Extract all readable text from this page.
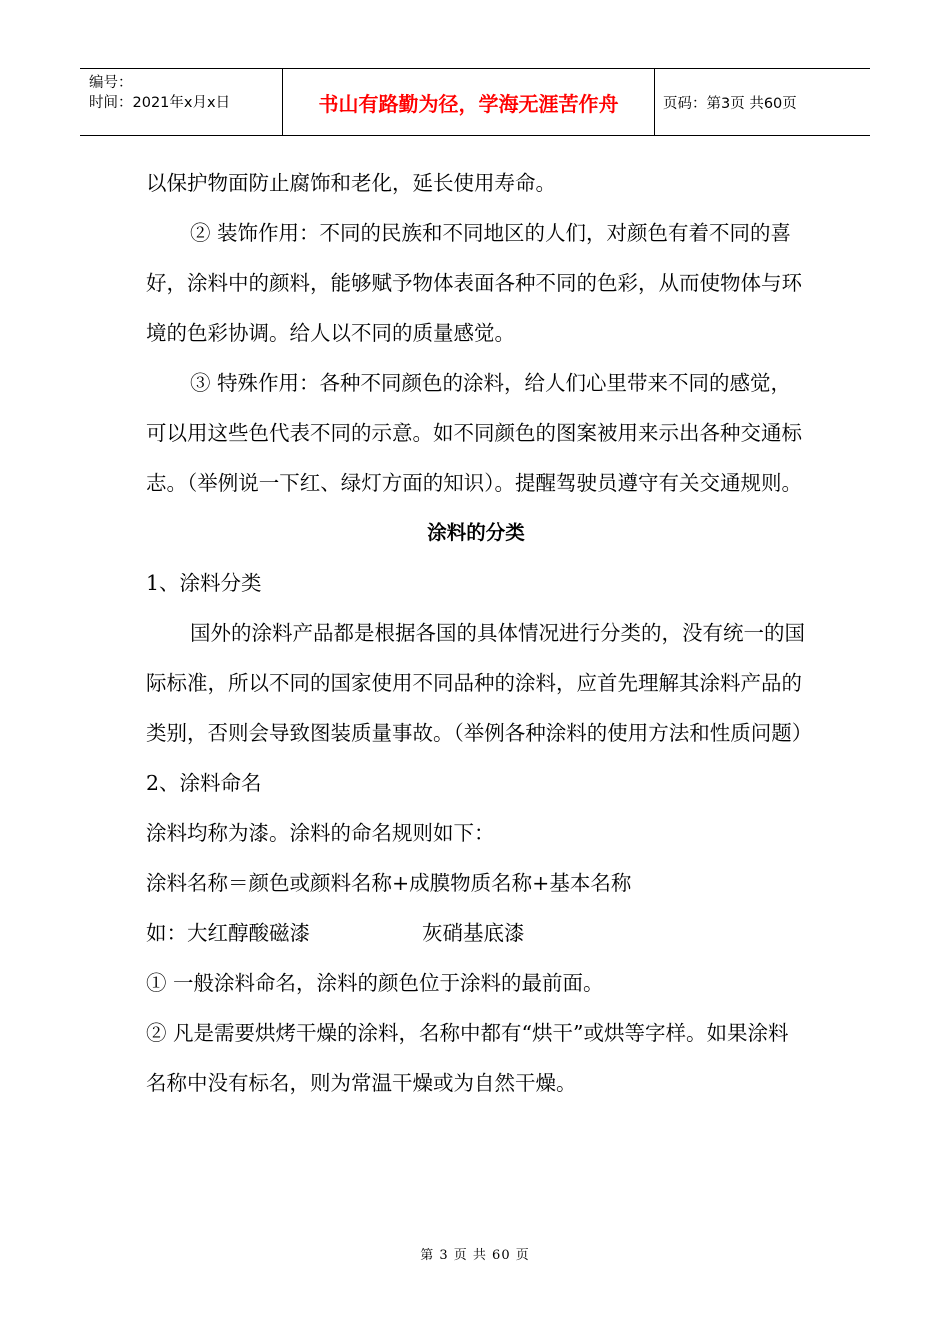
编号：
时间：2021年x月x日	书山有路勤为径，学海无涯苦作舟	页码：第3页 共60页

以保护物面防止腐饰和老化，延长使用寿命。

② 装饰作用：不同的民族和不同地区的人们，对颜色有着不同的喜好，涂料中的颜料，能够赋予物体表面各种不同的色彩，从而使物体与环境的色彩协调。给人以不同的质量感觉。

③ 特殊作用：各种不同颜色的涂料，给人们心里带来不同的感觉，可以用这些色代表不同的示意。如不同颜色的图案被用来示出各种交通标志。（举例说一下红、绿灯方面的知识）。提醒驾驶员遵守有关交通规则。

涂料的分类

1、涂料分类

国外的涂料产品都是根据各国的具体情况进行分类的，没有统一的国际标准，所以不同的国家使用不同品种的涂料，应首先理解其涂料产品的类别，否则会导致图装质量事故。（举例各种涂料的使用方法和性质问题）

2、涂料命名

涂料均称为漆。涂料的命名规则如下：

涂料名称＝颜色或颜料名称+成膜物质名称+基本名称

如：大红醇酸磁漆	灰硝基底漆

① 一般涂料命名，涂料的颜色位于涂料的最前面。

② 凡是需要烘烤干燥的涂料，名称中都有“烘干”或烘等字样。如果涂料名称中没有标名，则为常温干燥或为自然干燥。

第 3 页 共 60 页
